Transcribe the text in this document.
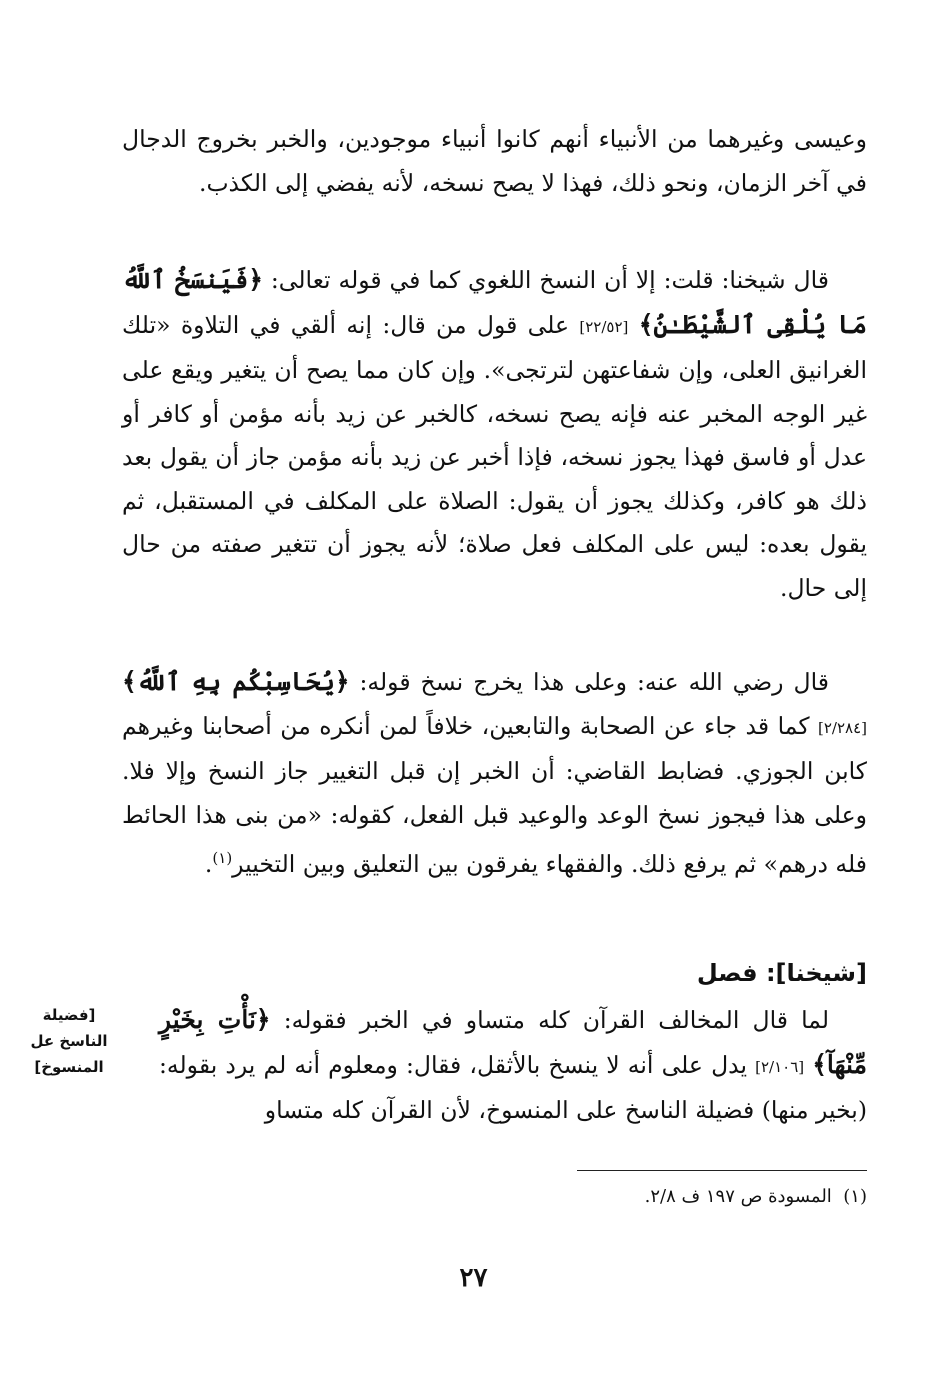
وعيسى وغيرهما من الأنبياء أنهم كانوا أنبياء موجودين، والخبر بخروج الدجال في آخر الزمان، ونحو ذلك، فهذا لا يصح نسخه، لأنه يفضي إلى الكذب.

قال شيخنا: قلت: إلا أن النسخ اللغوي كما في قوله تعالى: ﴿فَيَنسَخُ ٱللَّهُ مَا يُلْقِى ٱلشَّيْطَـٰنُ﴾ [٢٢/٥٢] على قول من قال: إنه ألقي في التلاوة «تلك الغرانيق العلى، وإن شفاعتهن لترتجى». وإن كان مما يصح أن يتغير ويقع على غير الوجه المخبر عنه فإنه يصح نسخه، كالخبر عن زيد بأنه مؤمن أو كافر أو عدل أو فاسق فهذا يجوز نسخه، فإذا أخبر عن زيد بأنه مؤمن جاز أن يقول بعد ذلك هو كافر، وكذلك يجوز أن يقول: الصلاة على المكلف في المستقبل، ثم يقول بعده: ليس على المكلف فعل صلاة؛ لأنه يجوز أن تتغير صفته من حال إلى حال.

قال رضي الله عنه: وعلى هذا يخرج نسخ قوله: ﴿يُحَاسِبْكُم بِهِ ٱللَّهُ﴾ [٢/٢٨٤] كما قد جاء عن الصحابة والتابعين، خلافاً لمن أنكره من أصحابنا وغيرهم كابن الجوزي. فضابط القاضي: أن الخبر إن قبل التغيير جاز النسخ وإلا فلا. وعلى هذا فيجوز نسخ الوعد والوعيد قبل الفعل، كقوله: «من بنى هذا الحائط فله درهم» ثم يرفع ذلك. والفقهاء يفرقون بين التعليق وبين التخيير$^{(١)}$.

[شيخنا]: فصل
[فضيلة الناسخ عل المنسوخ]

لما قال المخالف القرآن كله متساو في الخبر فقوله: ﴿نَأْتِ بِخَيْرٍ مِّنْهَآ﴾ [٢/١٠٦] يدل على أنه لا ينسخ بالأثقل، فقال: ومعلوم أنه لم يرد بقوله: (بخير منها) فضيلة الناسخ على المنسوخ، لأن القرآن كله متساو

(١)  المسودة ص ١٩٧ ف ٢/٨.
٢٧
